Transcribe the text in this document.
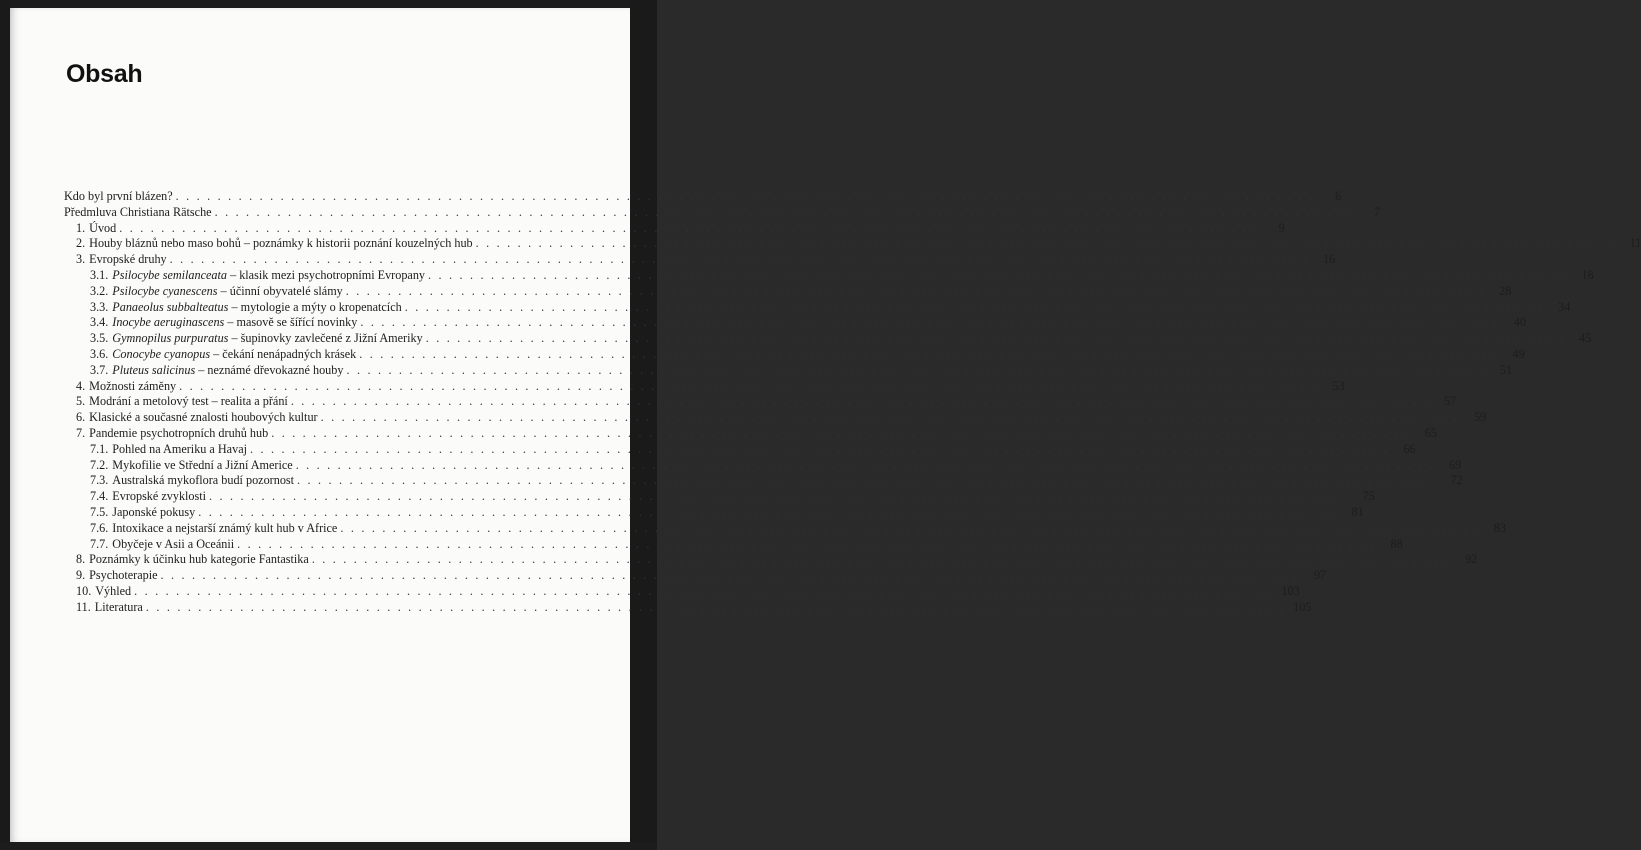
Obsah
Kdo byl první blázen? . . . . . . . . . . . . . . . . . . . . . . . . . . . . . . . . . . . . . . . . . . . . . . . . . . . . . . . . . . . . . . . . . . . . . . . . . . . . . . . . . . . . . . . . . . . . . . . . . . . . . . . . . . . . .	6
Předmluva Christiana Rätsche . . . . . . . . . . . . . . . . . . . . . . . . . . . . . . . . . . . . . . . . . . . . . . . . . . . . . . . . . . . . . . . . . . . . . . . . . . . . . . . . . . . . . . . . . . . . . . . . . . . . . . . . . . . . .	7
1. Úvod . . . . . . . . . . . . . . . . . . . . . . . . . . . . . . . . . . . . . . . . . . . . . . . . . . . . . . . . . . . . . . . . . . . . . . . . . . . . . . . . . . . . . . . . . . . . . . . . . . . . . . . . . . . . .	9
2. Houby bláznů nebo maso bohů – poznámky k historii poznání kouzelných hub . . . . . . . . . . . . . . . . . . . . . . . . . . . . . . . . . . . . . . . . . . . . . . . . . . . . . . . . . . . . . . . . . . . . . . . . . . . . . . . . . . . . . . . . . . . . . . . . . . . . . . . . . . . . .	11
3. Evropské druhy . . . . . . . . . . . . . . . . . . . . . . . . . . . . . . . . . . . . . . . . . . . . . . . . . . . . . . . . . . . . . . . . . . . . . . . . . . . . . . . . . . . . . . . . . . . . . . . . . . . . . . . . . . . . .	16
3.1. Psilocybe semilanceata – klasik mezi psychotropními Evropany . . . . . . . . . . . . . . . . . . . . . . . . . . . . . . . . . . . . . . . . . . . . . . . . . . . . . . . . . . . . . . . . . . . . . . . . . . . . . . . . . . . . . . . . . . . . . . . . . . . . . . . . . . . . .	18
3.2. Psilocybe cyanescens – účinní obyvatelé slámy . . . . . . . . . . . . . . . . . . . . . . . . . . . . . . . . . . . . . . . . . . . . . . . . . . . . . . . . . . . . . . . . . . . . . . . . . . . . . . . . . . . . . . . . . . . . . . . . . . . . . . . . . . . . .	28
3.3. Panaeolus subbalteatus – mytologie a mýty o kropenatcích . . . . . . . . . . . . . . . . . . . . . . . . . . . . . . . . . . . . . . . . . . . . . . . . . . . . . . . . . . . . . . . . . . . . . . . . . . . . . . . . . . . . . . . . . . . . . . . . . . . . . . . . . . . . .	34
3.4. Inocybe aeruginascens – masově se šířící novinky . . . . . . . . . . . . . . . . . . . . . . . . . . . . . . . . . . . . . . . . . . . . . . . . . . . . . . . . . . . . . . . . . . . . . . . . . . . . . . . . . . . . . . . . . . . . . . . . . . . . . . . . . . . . .	40
3.5. Gymnopilus purpuratus – šupinovky zavlečené z Jižní Ameriky . . . . . . . . . . . . . . . . . . . . . . . . . . . . . . . . . . . . . . . . . . . . . . . . . . . . . . . . . . . . . . . . . . . . . . . . . . . . . . . . . . . . . . . . . . . . . . . . . . . . . . . . . . . . .	45
3.6. Conocybe cyanopus – čekání nenápadných krásek . . . . . . . . . . . . . . . . . . . . . . . . . . . . . . . . . . . . . . . . . . . . . . . . . . . . . . . . . . . . . . . . . . . . . . . . . . . . . . . . . . . . . . . . . . . . . . . . . . . . . . . . . . . . .	49
3.7. Pluteus salicinus – neznámé dřevokazné houby . . . . . . . . . . . . . . . . . . . . . . . . . . . . . . . . . . . . . . . . . . . . . . . . . . . . . . . . . . . . . . . . . . . . . . . . . . . . . . . . . . . . . . . . . . . . . . . . . . . . . . . . . . . . .	51
4. Možnosti záměny . . . . . . . . . . . . . . . . . . . . . . . . . . . . . . . . . . . . . . . . . . . . . . . . . . . . . . . . . . . . . . . . . . . . . . . . . . . . . . . . . . . . . . . . . . . . . . . . . . . . . . . . . . . . .	53
5. Modrání a metolový test – realita a přání . . . . . . . . . . . . . . . . . . . . . . . . . . . . . . . . . . . . . . . . . . . . . . . . . . . . . . . . . . . . . . . . . . . . . . . . . . . . . . . . . . . . . . . . . . . . . . . . . . . . . . . . . . . . .	57
6. Klasické a současné znalosti houbových kultur . . . . . . . . . . . . . . . . . . . . . . . . . . . . . . . . . . . . . . . . . . . . . . . . . . . . . . . . . . . . . . . . . . . . . . . . . . . . . . . . . . . . . . . . . . . . . . . . . . . . . . . . . . . . .	59
7. Pandemie psychotropních druhů hub . . . . . . . . . . . . . . . . . . . . . . . . . . . . . . . . . . . . . . . . . . . . . . . . . . . . . . . . . . . . . . . . . . . . . . . . . . . . . . . . . . . . . . . . . . . . . . . . . . . . . . . . . . . . .	65
7.1. Pohled na Ameriku a Havaj . . . . . . . . . . . . . . . . . . . . . . . . . . . . . . . . . . . . . . . . . . . . . . . . . . . . . . . . . . . . . . . . . . . . . . . . . . . . . . . . . . . . . . . . . . . . . . . . . . . . . . . . . . . . .	66
7.2. Mykofilie ve Střední a Jižní Americe . . . . . . . . . . . . . . . . . . . . . . . . . . . . . . . . . . . . . . . . . . . . . . . . . . . . . . . . . . . . . . . . . . . . . . . . . . . . . . . . . . . . . . . . . . . . . . . . . . . . . . . . . . . . .	69
7.3. Australská mykoflora budí pozornost . . . . . . . . . . . . . . . . . . . . . . . . . . . . . . . . . . . . . . . . . . . . . . . . . . . . . . . . . . . . . . . . . . . . . . . . . . . . . . . . . . . . . . . . . . . . . . . . . . . . . . . . . . . . .	72
7.4. Evropské zvyklosti . . . . . . . . . . . . . . . . . . . . . . . . . . . . . . . . . . . . . . . . . . . . . . . . . . . . . . . . . . . . . . . . . . . . . . . . . . . . . . . . . . . . . . . . . . . . . . . . . . . . . . . . . . . . .	75
7.5. Japonské pokusy . . . . . . . . . . . . . . . . . . . . . . . . . . . . . . . . . . . . . . . . . . . . . . . . . . . . . . . . . . . . . . . . . . . . . . . . . . . . . . . . . . . . . . . . . . . . . . . . . . . . . . . . . . . . .	81
7.6. Intoxikace a nejstarší známý kult hub v Africe . . . . . . . . . . . . . . . . . . . . . . . . . . . . . . . . . . . . . . . . . . . . . . . . . . . . . . . . . . . . . . . . . . . . . . . . . . . . . . . . . . . . . . . . . . . . . . . . . . . . . . . . . . . . .	83
7.7. Obyčeje v Asii a Oceánii . . . . . . . . . . . . . . . . . . . . . . . . . . . . . . . . . . . . . . . . . . . . . . . . . . . . . . . . . . . . . . . . . . . . . . . . . . . . . . . . . . . . . . . . . . . . . . . . . . . . . . . . . . . . .	88
8. Poznámky k účinku hub kategorie Fantastika . . . . . . . . . . . . . . . . . . . . . . . . . . . . . . . . . . . . . . . . . . . . . . . . . . . . . . . . . . . . . . . . . . . . . . . . . . . . . . . . . . . . . . . . . . . . . . . . . . . . . . . . . . . . .	92
9. Psychoterapie . . . . . . . . . . . . . . . . . . . . . . . . . . . . . . . . . . . . . . . . . . . . . . . . . . . . . . . . . . . . . . . . . . . . . . . . . . . . . . . . . . . . . . . . . . . . . . . . . . . . . . . . . . . . .	97
10. Výhled . . . . . . . . . . . . . . . . . . . . . . . . . . . . . . . . . . . . . . . . . . . . . . . . . . . . . . . . . . . . . . . . . . . . . . . . . . . . . . . . . . . . . . . . . . . . . . . . . . . . . . . . . . . . . 103
11. Literatura . . . . . . . . . . . . . . . . . . . . . . . . . . . . . . . . . . . . . . . . . . . . . . . . . . . . . . . . . . . . . . . . . . . . . . . . . . . . . . . . . . . . . . . . . . . . . . . . . . . . . . . . . . . . . 105
